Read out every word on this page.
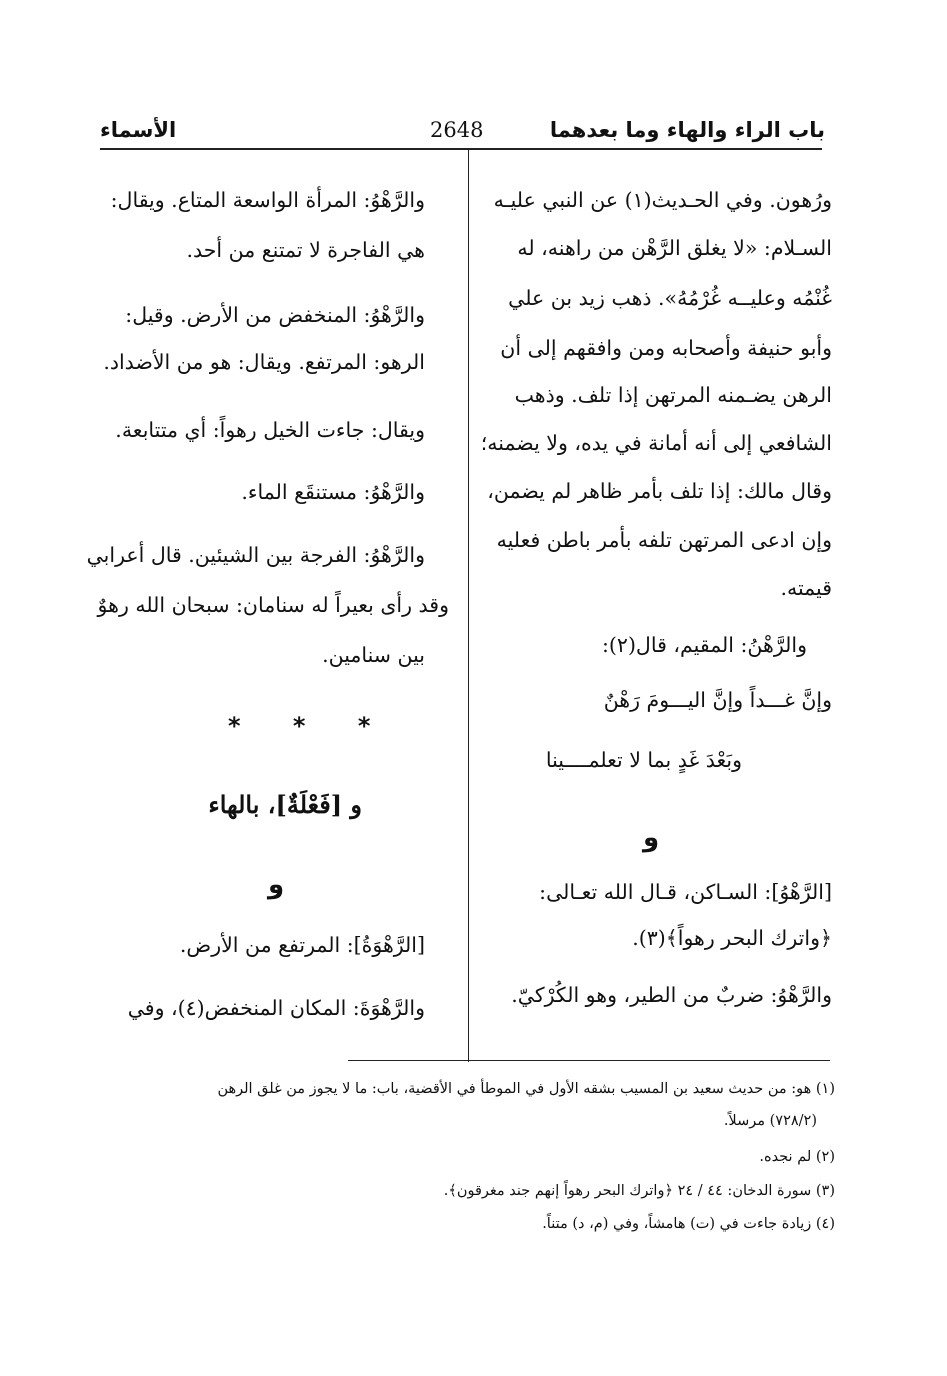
باب الراء والهاء وما بعدهما
2648
الأسماء
ورُهون. وفي الحـديث(١) عن النبي عليـه
السـلام: «لا يغلق الرَّهْن من راهنه، له
غُنْمُه وعليــه غُرْمُهُ». ذهب زيد بن علي
وأبو حنيفة وأصحابه ومن وافقهم إلى أن
الرهن يضـمنه المرتهن إذا تلف. وذهب
الشافعي إلى أنه أمانة في يده، ولا يضمنه؛
وقال مالك: إذا تلف بأمر ظاهر لم يضمن،
وإن ادعى المرتهن تلفه بأمر باطن فعليه
قيمته.
والرَّهْنُ: المقيم، قال(٢):
وإنَّ غـــداً وإنَّ اليـــومَ رَهْنٌ
وبَعْدَ غَدٍ بما لا تعلمــــينا
و
[الرَّهْوُ]: السـاكن، قـال الله تعـالى:
﴿واترك البحر رهواً﴾(٣).
والرَّهْوُ: ضربٌ من الطير، وهو الكُرْكيّ.
والرَّهْوُ: المرأة الواسعة المتاع. ويقال:
هي الفاجرة لا تمتنع من أحد.
والرَّهْوُ: المنخفض من الأرض. وقيل:
الرهو: المرتفع. ويقال: هو من الأضداد.
ويقال: جاءت الخيل رهواً: أي متتابعة.
والرَّهْوُ: مستنقَع الماء.
والرَّهْوُ: الفرجة بين الشيئين. قال أعرابي
وقد رأى بعيراً له سنامان: سبحان الله رهوٌ
بين سنامين.
* * *
و [فَعْلَةٌ]، بالهاء
و
[الرَّهْوَةُ]: المرتفع من الأرض.
والرَّهْوَةَ: المكان المنخفض(٤)، وفي
(١) هو: من حديث سعيد بن المسيب بشقه الأول في الموطأ في الأقضية، باب: ما لا يجوز من غلق الرهن
(٧٢٨/٢) مرسلاً.
(٢) لم نجده.
(٣) سورة الدخان: ٤٤ / ٢٤ ﴿واترك البحر رهواً إنهم جند مغرقون﴾.
(٤) زيادة جاءت في (ت) هامشاً، وفي (م، د) متناً.
